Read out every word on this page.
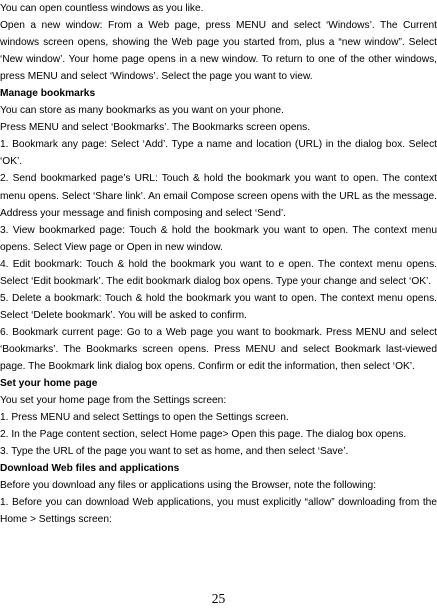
You can open countless windows as you like.

Open a new window: From a Web page, press MENU and select ‘Windows’. The Current windows screen opens, showing the Web page you started from, plus a “new window”. Select ‘New window’. Your home page opens in a new window. To return to one of the other windows, press MENU and select ‘Windows’. Select the page you want to view.

Manage bookmarks

You can store as many bookmarks as you want on your phone.

Press MENU and select ‘Bookmarks’. The Bookmarks screen opens.

1. Bookmark any page: Select ‘Add’. Type a name and location (URL) in the dialog box. Select ‘OK’.

2. Send bookmarked page’s URL: Touch & hold the bookmark you want to open. The context menu opens. Select ‘Share link’. An email Compose screen opens with the URL as the message. Address your message and finish composing and select ‘Send’.

3. View bookmarked page: Touch & hold the bookmark you want to open. The context menu opens. Select View page or Open in new window.

4. Edit bookmark: Touch & hold the bookmark you want to e open. The context menu opens. Select ‘Edit bookmark’. The edit bookmark dialog box opens. Type your change and select ‘OK’.

5. Delete a bookmark: Touch & hold the bookmark you want to open. The context menu opens. Select ‘Delete bookmark’. You will be asked to confirm.

6. Bookmark current page: Go to a Web page you want to bookmark. Press MENU and select ‘Bookmarks’. The Bookmarks screen opens. Press MENU and select Bookmark last-viewed page. The Bookmark link dialog box opens. Confirm or edit the information, then select ‘OK’.

Set your home page

You set your home page from the Settings screen:

1. Press MENU and select Settings to open the Settings screen.

2. In the Page content section, select Home page> Open this page. The dialog box opens.

3. Type the URL of the page you want to set as home, and then select ‘Save’.

Download Web files and applications

Before you download any files or applications using the Browser, note the following:

1. Before you can download Web applications, you must explicitly “allow” downloading from the Home > Settings screen:

25
